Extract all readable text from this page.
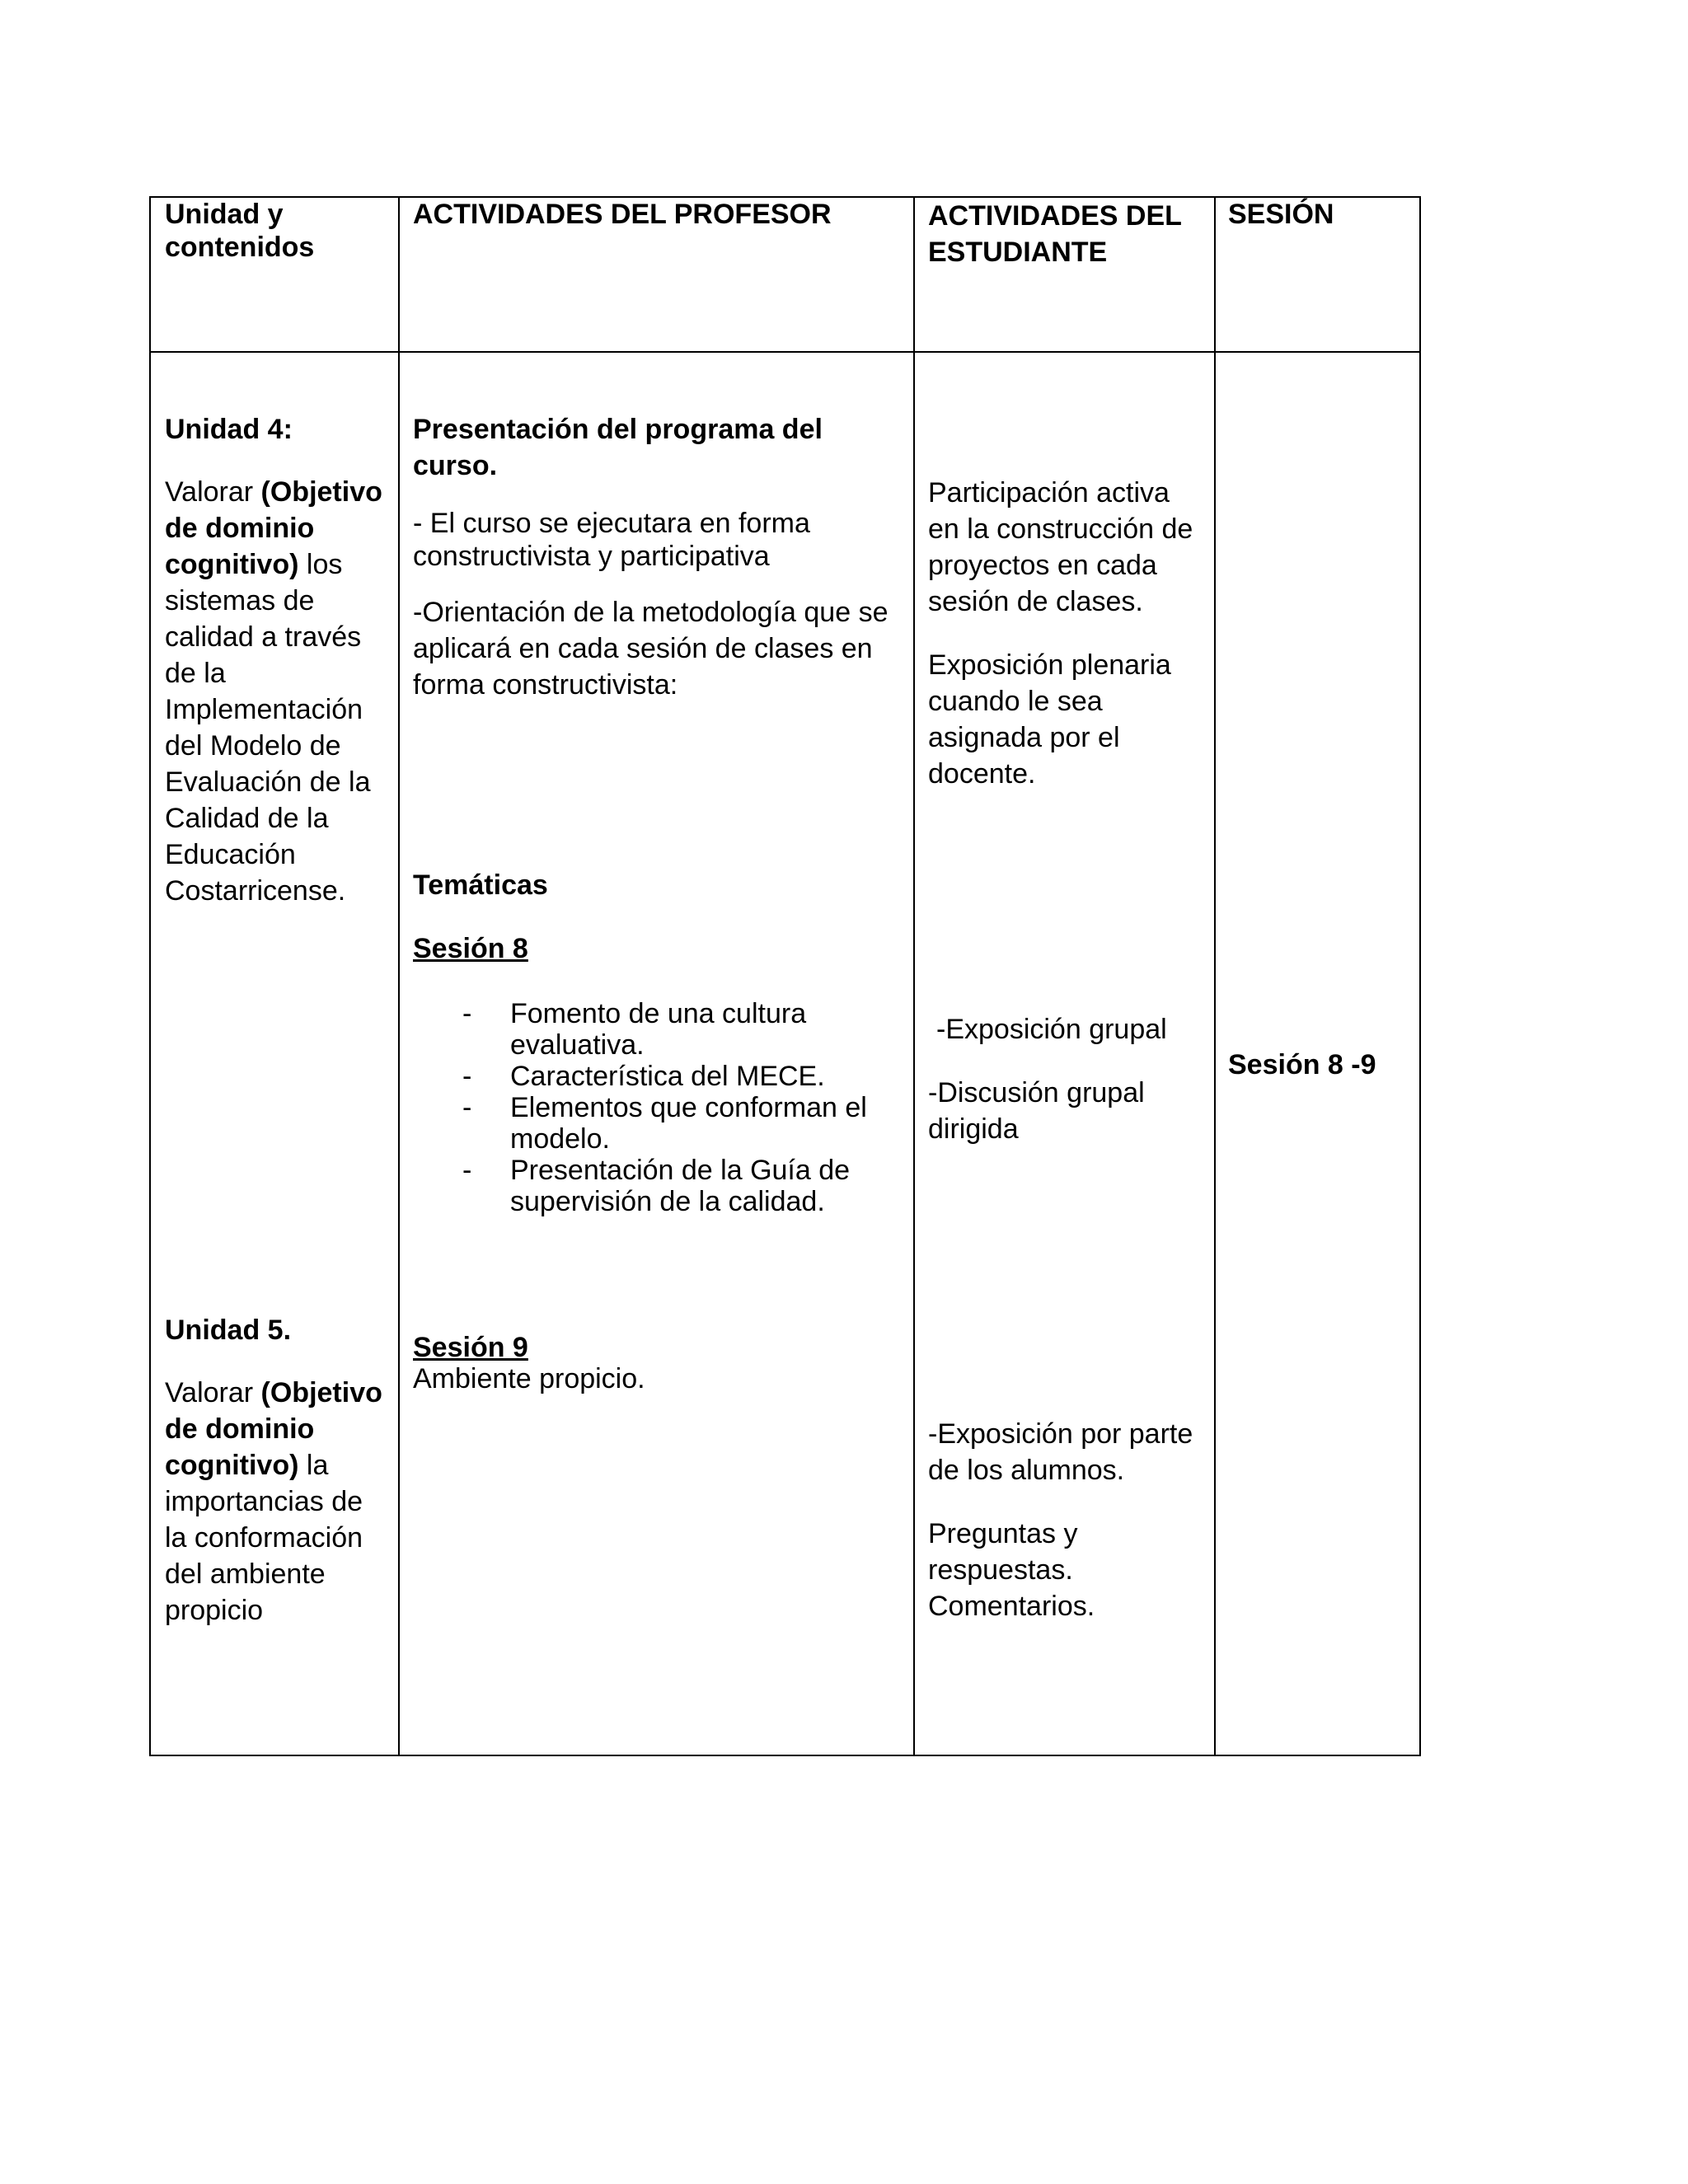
Unidad y contenidos
ACTIVIDADES DEL PROFESOR	ACTIVIDADES DEL
ESTUDIANTE
SESIÓN

Unidad 4:

Valorar (Objetivo de dominio cognitivo) los sistemas de calidad a través de la Implementación del Modelo de Evaluación de la Calidad de la Educación Costarricense.

Unidad 5.

Valorar (Objetivo de dominio cognitivo) la importancias de la conformación del ambiente propicio

Presentación del programa del curso.

- El curso se ejecutara en forma constructivista y participativa

-Orientación de la metodología que se aplicará en cada sesión de clases en forma constructivista:

Temáticas
Sesión 8
- Fomento de una cultura evaluativa.
- Característica del MECE.
- Elementos que conforman el modelo.
- Presentación de la Guía de supervisión de la calidad.

Sesión 9

Ambiente propicio.

Participación activa en la construcción de proyectos en cada sesión de clases.

Exposición plenaria cuando le sea asignada por el docente.

-Exposición grupal

-Discusión grupal dirigida

-Exposición por parte de los alumnos.

Preguntas y respuestas.

Comentarios.

Sesión 8 -9
